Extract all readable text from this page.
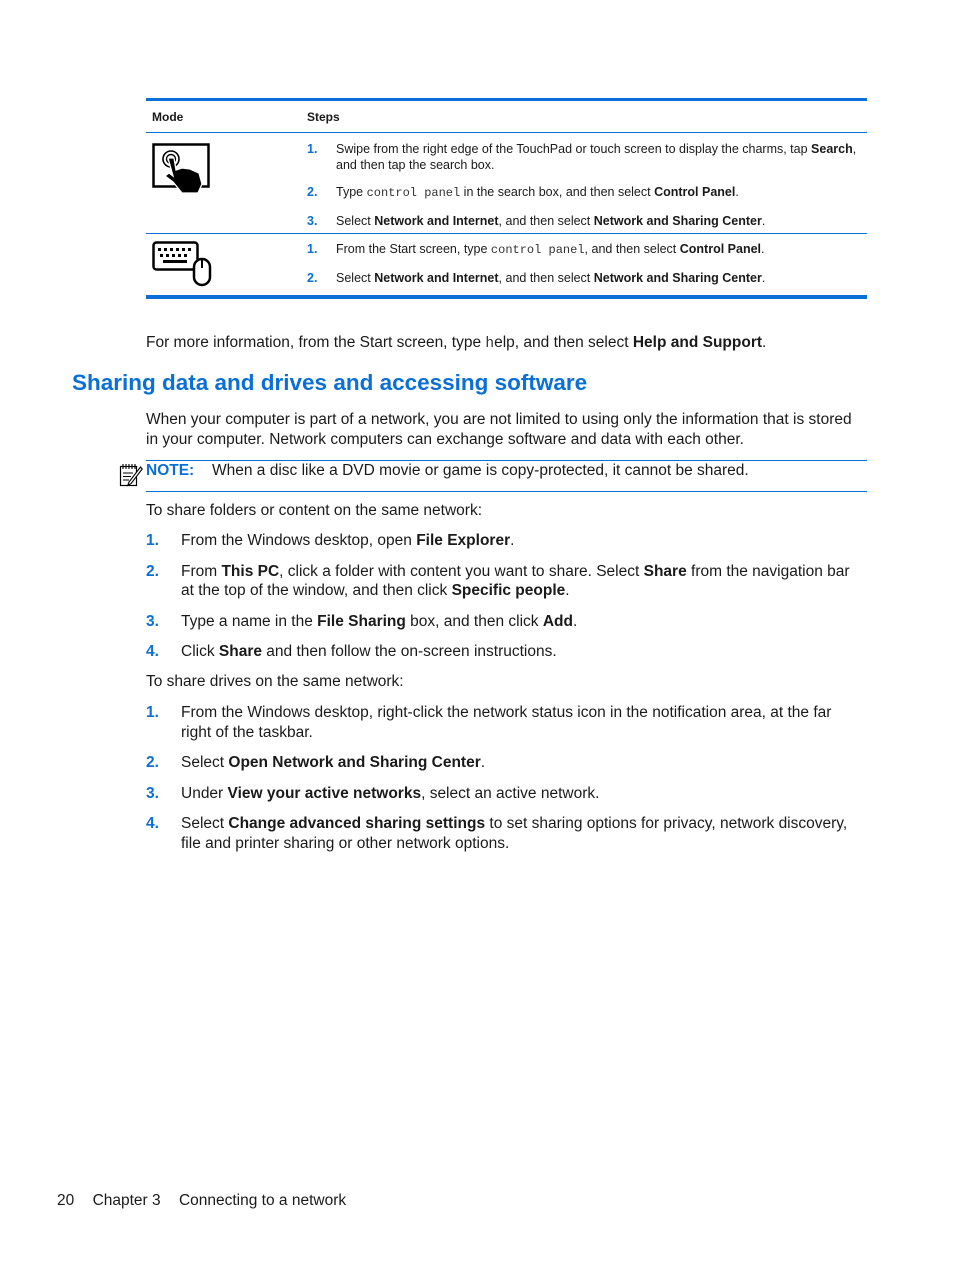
Mode	Steps
1. Swipe from the right edge of the TouchPad or touch screen to display the charms, tap Search, and then tap the search box.
2. Type control panel in the search box, and then select Control Panel.
3. Select Network and Internet, and then select Network and Sharing Center.
1. From the Start screen, type control panel, and then select Control Panel.
2. Select Network and Internet, and then select Network and Sharing Center.

For more information, from the Start screen, type help, and then select Help and Support.

Sharing data and drives and accessing software

When your computer is part of a network, you are not limited to using only the information that is stored in your computer. Network computers can exchange software and data with each other.

NOTE: When a disc like a DVD movie or game is copy-protected, it cannot be shared.

To share folders or content on the same network:

1. From the Windows desktop, open File Explorer.
2. From This PC, click a folder with content you want to share. Select Share from the navigation bar at the top of the window, and then click Specific people.
3. Type a name in the File Sharing box, and then click Add.
4. Click Share and then follow the on-screen instructions.

To share drives on the same network:

1. From the Windows desktop, right-click the network status icon in the notification area, at the far right of the taskbar.
2. Select Open Network and Sharing Center.
3. Under View your active networks, select an active network.
4. Select Change advanced sharing settings to set sharing options for privacy, network discovery, file and printer sharing or other network options.
20 Chapter 3 Connecting to a network
